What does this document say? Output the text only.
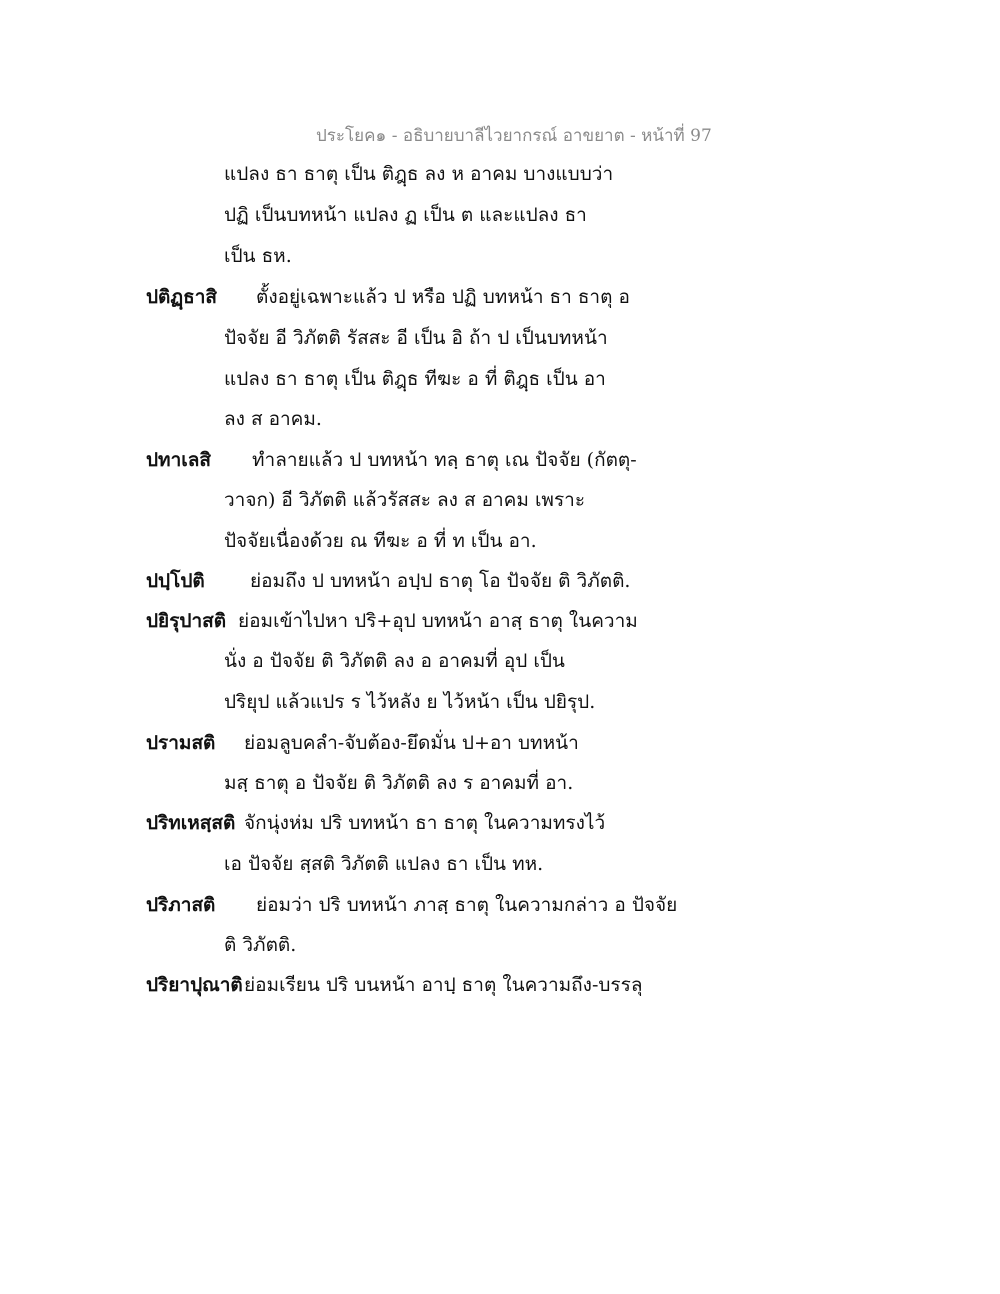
ประโยค๑ - อธิบายบาลีไวยากรณ์ อาขยาต - หน้าที่ 97
แปลง ธา ธาตุ เป็น ติฎฺธ ลง ห อาคม บางแบบว่า
ปฏิ เป็นบทหน้า แปลง ฏ เป็น ต และแปลง ธา
เป็น ธห.
ปติฏฺธาสิ ตั้งอยู่เฉพาะแล้ว ป หรือ ปฏิ บทหน้า ธา ธาตุ อ
ปัจจัย อี วิภัตติ รัสสะ อี เป็น อิ ถ้า ป เป็นบทหน้า
แปลง ธา ธาตุ เป็น ติฎฺธ ทีฆะ อ ที่ ติฎฺธ เป็น อา
ลง ส อาคม.
ปทาเลสิ ทำลายแล้ว ป บทหน้า ทลฺ ธาตุ เณ ปัจจัย (กัตตุ-
วาจก) อี วิภัตติ แล้วรัสสะ ลง ส อาคม เพราะ
ปัจจัยเนื่องด้วย ณ ทีฆะ อ ที่ ท เป็น อา.
ปปฺโปติ ย่อมถึง ป บทหน้า อปฺป ธาตุ โอ ปัจจัย ติ วิภัตติ.
ปยิรุปาสติ ย่อมเข้าไปหา ปริ+อุป บทหน้า อาสฺ ธาตุ ในความ
นั่ง อ ปัจจัย ติ วิภัตติ ลง อ อาคมที่ อุป เป็น
ปริยุป แล้วแปร ร ไว้หลัง ย ไว้หน้า เป็น ปยิรุป.
ปรามสติ ย่อมลูบคลำ-จับต้อง-ยึดมั่น ป+อา บทหน้า
มสฺ ธาตุ อ ปัจจัย ติ วิภัตติ ลง ร อาคมที่ อา.
ปริทเหสฺสติ จักนุ่งห่ม ปริ บทหน้า ธา ธาตุ ในความทรงไว้
เอ ปัจจัย สฺสติ วิภัตติ แปลง ธา เป็น ทห.
ปริภาสติ ย่อมว่า ปริ บทหน้า ภาสฺ ธาตุ ในความกล่าว อ ปัจจัย
ติ วิภัตติ.
ปริยาปุณาติ ย่อมเรียน ปริ บนหน้า อาปฺ ธาตุ ในความถึง-บรรลุ
